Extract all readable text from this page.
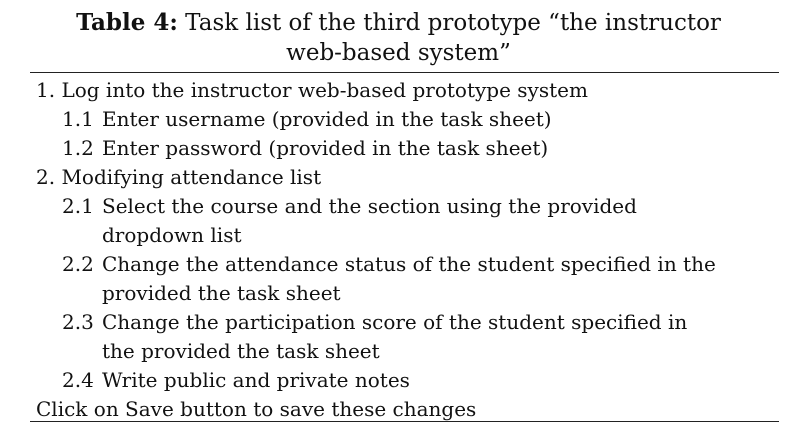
Table 4: Task list of the third prototype “the instructor
web-based system”
1. Log into the instructor web-based prototype system
1.1 Enter username (provided in the task sheet)
1.2 Enter password (provided in the task sheet)
2. Modifying attendance list
2.1 Select the course and the section using the provided
dropdown list
2.2 Change the attendance status of the student specified in the
provided the task sheet
2.3 Change the participation score of the student specified in
the provided the task sheet
2.4 Write public and private notes
Click on Save button to save these changes
